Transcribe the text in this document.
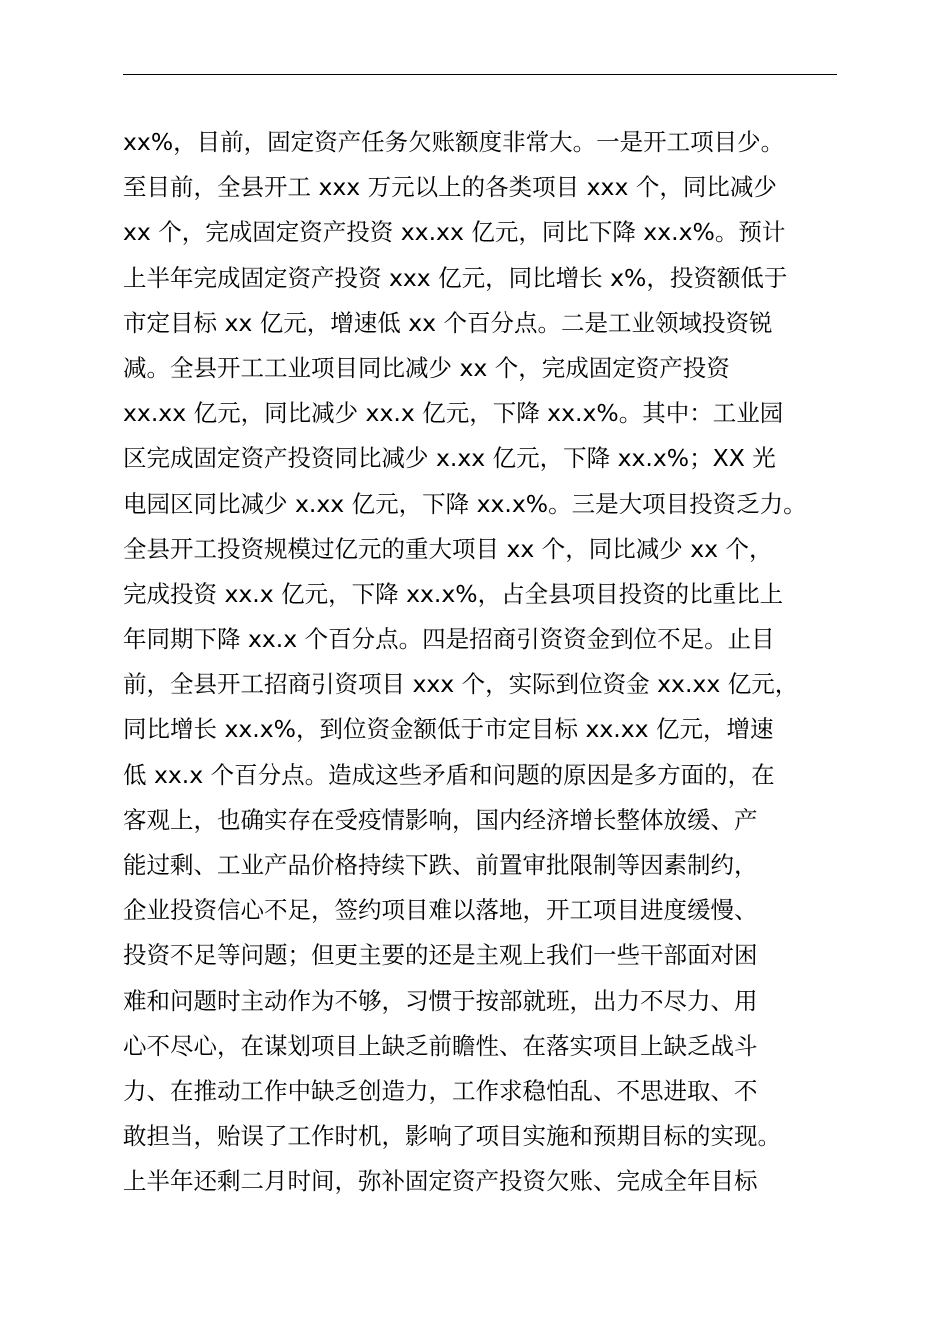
xx%，目前，固定资产任务欠账额度非常大。一是开工项目少。
至目前，全县开工 xxx 万元以上的各类项目 xxx 个，同比减少
xx 个，完成固定资产投资 xx.xx 亿元，同比下降 xx.x%。预计
上半年完成固定资产投资 xxx 亿元，同比增长 x%，投资额低于
市定目标 xx 亿元，增速低 xx 个百分点。二是工业领域投资锐
减。全县开工工业项目同比减少 xx 个，完成固定资产投资
xx.xx 亿元，同比减少 xx.x 亿元，下降 xx.x%。其中：工业园
区完成固定资产投资同比减少 x.xx 亿元，下降 xx.x%；XX 光
电园区同比减少 x.xx 亿元，下降 xx.x%。三是大项目投资乏力。
全县开工投资规模过亿元的重大项目 xx 个，同比减少 xx 个，
完成投资 xx.x 亿元，下降 xx.x%，占全县项目投资的比重比上
年同期下降 xx.x 个百分点。四是招商引资资金到位不足。止目
前，全县开工招商引资项目 xxx 个，实际到位资金 xx.xx 亿元，
同比增长 xx.x%，到位资金额低于市定目标 xx.xx 亿元，增速
低 xx.x 个百分点。造成这些矛盾和问题的原因是多方面的，在
客观上，也确实存在受疫情影响，国内经济增长整体放缓、产
能过剩、工业产品价格持续下跌、前置审批限制等因素制约，
企业投资信心不足，签约项目难以落地，开工项目进度缓慢、
投资不足等问题；但更主要的还是主观上我们一些干部面对困
难和问题时主动作为不够，习惯于按部就班，出力不尽力、用
心不尽心，在谋划项目上缺乏前瞻性、在落实项目上缺乏战斗
力、在推动工作中缺乏创造力，工作求稳怕乱、不思进取、不
敢担当，贻误了工作时机，影响了项目实施和预期目标的实现。
上半年还剩二月时间，弥补固定资产投资欠账、完成全年目标
